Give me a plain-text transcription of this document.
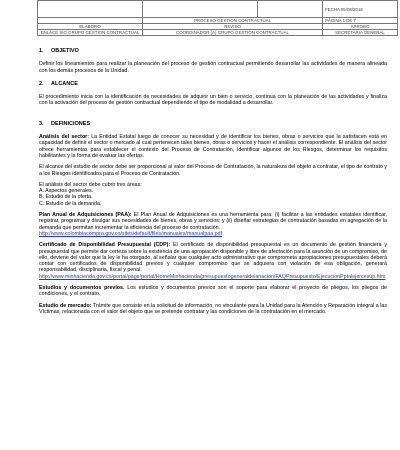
			FECHA 05/08/2016
	PROCESO GESTION CONTRACTUAL		PÁGINA 1 DE 7
ELABORO	REVISO		APROBO
ENLACE SIG GRUPO GESTION CONTRACTUAL	COORDINADOR (A) GRUPO GESTION CONTRACTUAL		SECRETARIA GENERAL

1. OBJETIVO

Definir los lineamientos para realizar la planeación del proceso de gestión contractual permitiendo desarrollar las actividades de manera alineada con los demás procesos de la Unidad.

2. ALCANCE

El procedimiento inicia con la identificación de necesidades de adquirir un bien o servicio, continua con la planeación de las actividades y finaliza con la activación del proceso de gestión contractual dependiendo el tipo de modalidad a desarrollar.

3. DEFINICIONES

Análisis del sector: La Entidad Estatal luego de conocer su necesidad y de identificar los bienes, obras o servicios que la satisfacen está en capacidad de definir el sector o mercado al cual pertenecen tales bienes, obras o servicios y hacer el análisis correspondiente. El análisis del sector ofrece herramientas para establecer el contexto del Proceso de Contratación, identificar algunos de los Riesgos, determinar los requisitos habilitantes y la forma de evaluar las ofertas.

El alcance del estudio de sector debe ser proporcional al valor del Proceso de Contratación, la naturaleza del objeto a contratar, el tipo de contrato y a los Riesgos identificados para el Proceso de Contratación.

El análisis del sector debe cubrir tres áreas:

A. Aspectos generales.

B. Estudio de la oferta.

C. Estudio de la demanda.

Plan Anual de Adquisiciones (PAA): El Plan Anual de Adquisiciones es una herramienta para: (i) facilitar a las entidades estatales identificar, registrar, programar y divulgar sus necesidades de bienes, obras y servicios; y (ii) diseñar estrategias de contratación basadas en agregación de la demanda que permitan incrementar la eficiencia del proceso de contratación.

http://www.colombiacompra.gov.co/sites/default/files/manuales/manualpaa.pdf

Certificado de Disponibilidad Presupuestal (CDP): El certificado de disponibilidad presupuestal es un documento de gestión financiera y presupuestal que permite dar certeza sobre la existencia de una apropiación disponible y libre de afectación para la asunción de un compromiso, de ello, deviene del valor que la ley le ha otorgado, al señalar que cualquier acto administrativo que comprometa apropiaciones presupuestales deberá contar con certificados de disponibilidad previos y cualquier compromiso que se adquiera con violación de esa obligación, generará responsabilidad, disciplinaria, fiscal y penal.

http://www.minhacienda.gov.co/portal/page/portal/HomeMinhacienda/presupuestogeneraldelanacion/FAQPresupuesto/EjecucionPptalejercesup.htm

Estudios y documentos previos. Los estudios y documentos previos son el soporte para elaborar el proyecto de pliegos, los pliegos de condiciones, y el contrato.

Estudio de mercado: Trámite que consiste en la solicitud de información, no vinculante para la Unidad para la Atención y Reparación integral a las Víctimas, relacionada con el valor del objeto que se pretende contratar y las condiciones de la contratación en el mercado.
